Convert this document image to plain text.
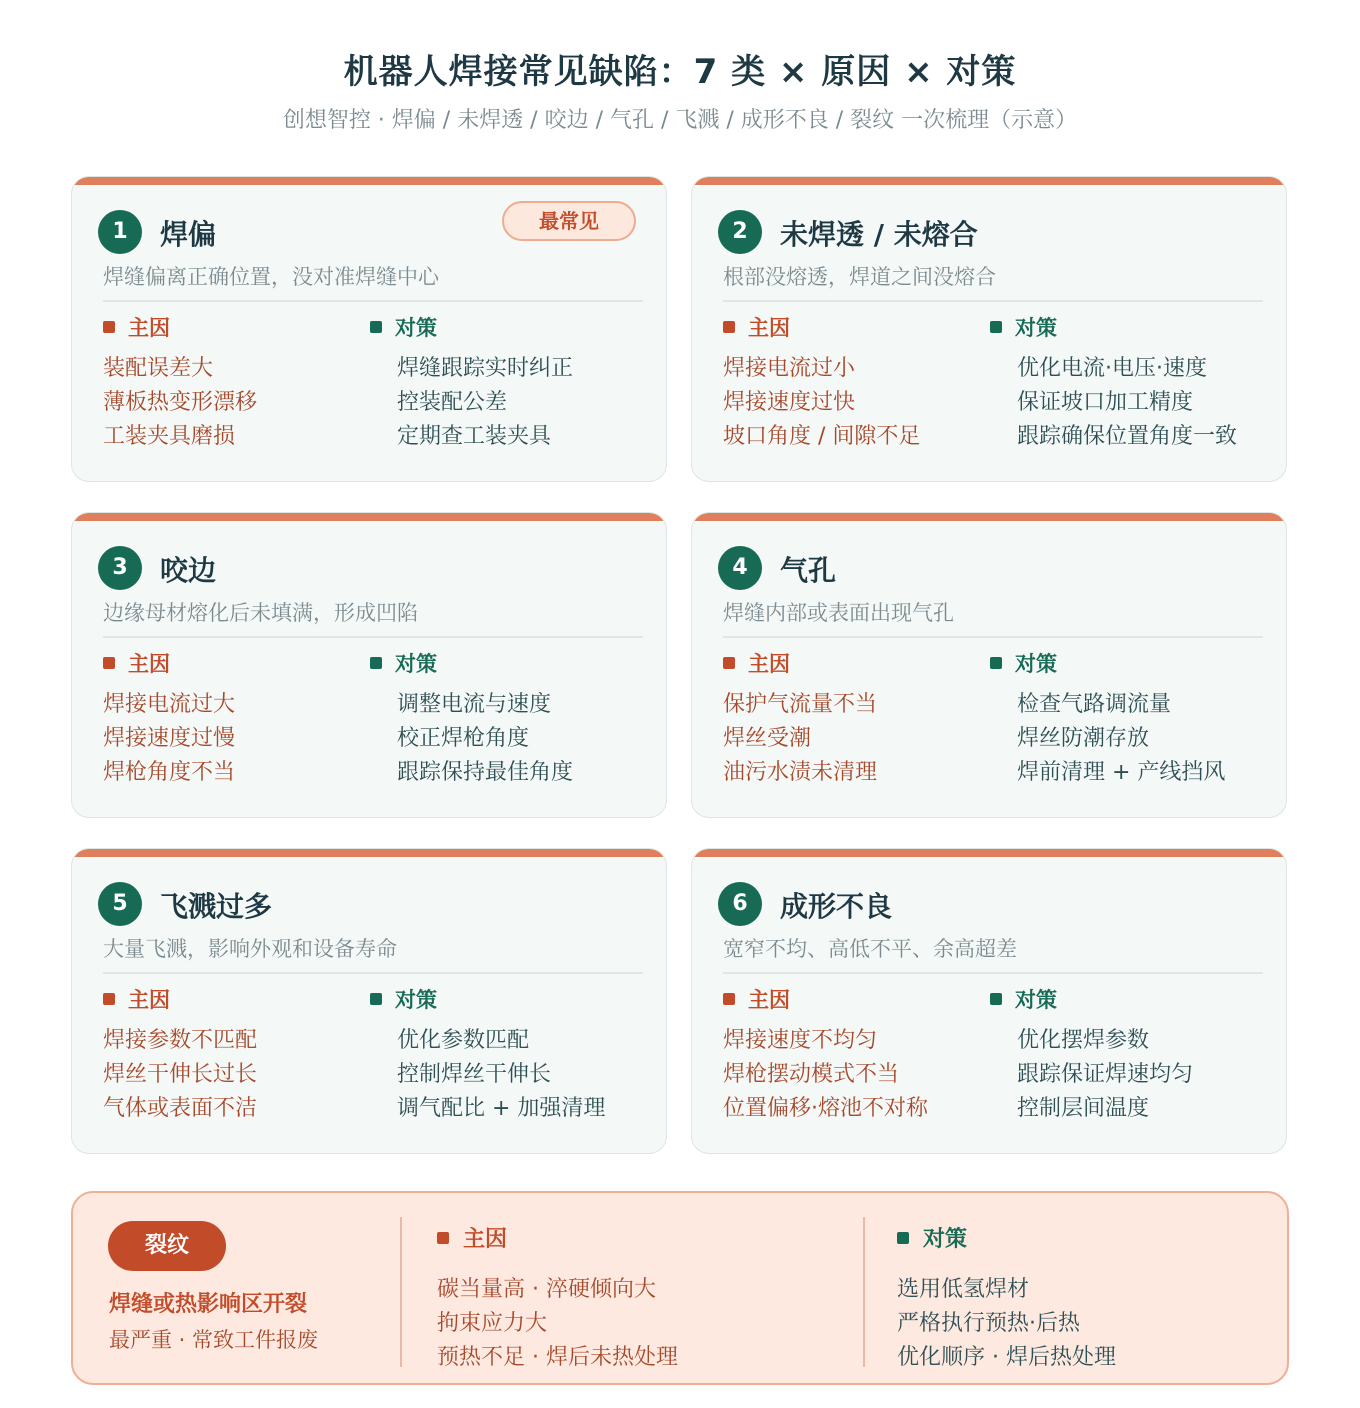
机器人焊接常见缺陷：7 类 × 原因 × 对策
创想智控 · 焊偏 / 未焊透 / 咬边 / 气孔 / 飞溅 / 成形不良 / 裂纹 一次梳理（示意）
1	焊偏	最常见
焊缝偏离正确位置，没对准焊缝中心
主因
装配误差大
薄板热变形漂移
工装夹具磨损
对策
焊缝跟踪实时纠正
控装配公差
定期查工装夹具
2	未焊透 / 未熔合
根部没熔透，焊道之间没熔合
主因
焊接电流过小
焊接速度过快
坡口角度 / 间隙不足
对策
优化电流·电压·速度
保证坡口加工精度
跟踪确保位置角度一致
3	咬边
边缘母材熔化后未填满，形成凹陷
主因
焊接电流过大
焊接速度过慢
焊枪角度不当
对策
调整电流与速度
校正焊枪角度
跟踪保持最佳角度
4	气孔
焊缝内部或表面出现气孔
主因
保护气流量不当
焊丝受潮
油污水渍未清理
对策
检查气路调流量
焊丝防潮存放
焊前清理 + 产线挡风
5	飞溅过多
大量飞溅，影响外观和设备寿命
主因
焊接参数不匹配
焊丝干伸长过长
气体或表面不洁
对策
优化参数匹配
控制焊丝干伸长
调气配比 + 加强清理
6	成形不良
宽窄不均、高低不平、余高超差
主因
焊接速度不均匀
焊枪摆动模式不当
位置偏移·熔池不对称
对策
优化摆焊参数
跟踪保证焊速均匀
控制层间温度
裂纹
焊缝或热影响区开裂
最严重 · 常致工件报废
主因
碳当量高 · 淬硬倾向大
拘束应力大
预热不足 · 焊后未热处理
对策
选用低氢焊材
严格执行预热·后热
优化顺序 · 焊后热处理
